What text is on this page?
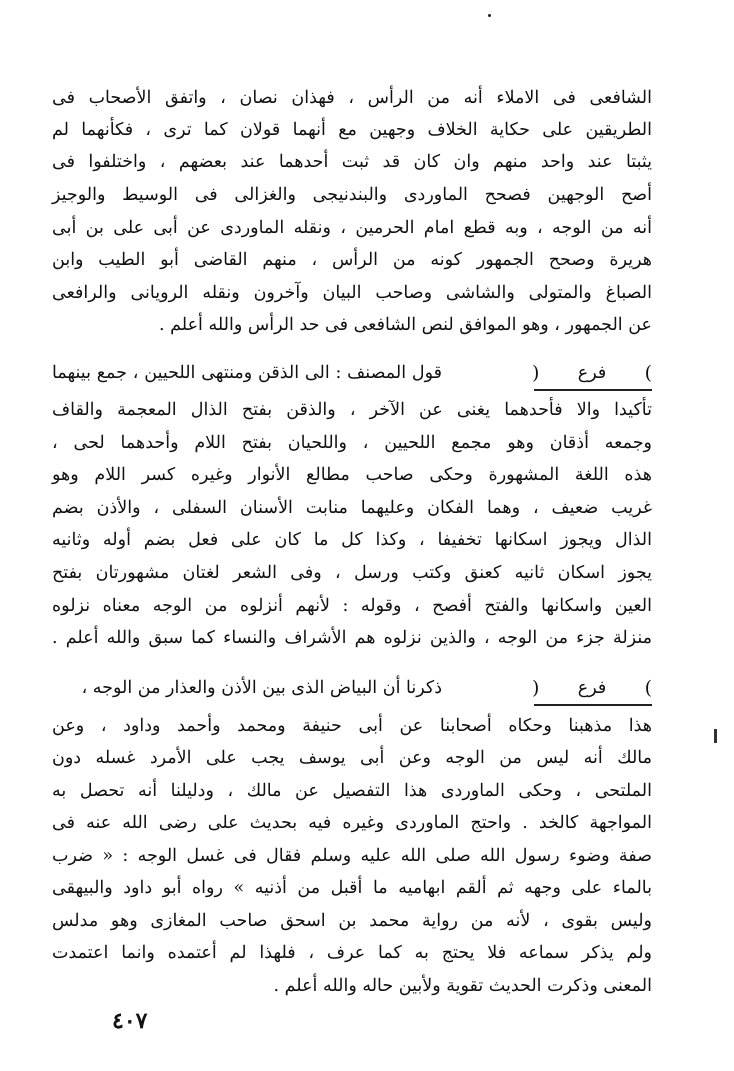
الشافعى فى الاملاء أنه من الرأس ، فهذان نصان ، واتفق الأصحاب فى
الطريقين على حكاية الخلاف وجهين مع أنهما قولان كما ترى ، فكأنهما لم
يثبتا عند واحد منهم وان كان قد ثبت أحدهما عند بعضهم ، واختلفوا فى
أصح الوجهين فصحح الماوردى والبندنيجى والغزالى فى الوسيط والوجيز
أنه من الوجه ، وبه قطع امام الحرمين ، ونقله الماوردى عن أبى على بن أبى
هريرة وصحح الجمهور كونه من الرأس ، منهم القاضى أبو الطيب وابن
الصباغ والمتولى والشاشى وصاحب البيان وآخرون ونقله الرويانى والرافعى
عن الجمهور ، وهو الموافق لنص الشافعى فى حد الرأس والله أعلم .
)
فرع
(
قول المصنف : الى الذقن ومنتهى اللحيين ، جمع بينهما
تأكيدا والا فأحدهما يغنى عن الآخر ، والذقن بفتح الذال المعجمة والقاف
وجمعه أذقان وهو مجمع اللحيين ، واللحيان بفتح اللام وأحدهما لحى ،
هذه اللغة المشهورة وحكى صاحب مطالع الأنوار وغيره كسر اللام وهو
غريب ضعيف ، وهما الفكان وعليهما منابت الأسنان السفلى ، والأذن بضم
الذال ويجوز اسكانها تخفيفا ، وكذا كل ما كان على فعل بضم أوله وثانيه
يجوز اسكان ثانيه كعنق وكتب ورسل ، وفى الشعر لغتان مشهورتان بفتح
العين واسكانها والفتح أفصح ، وقوله : لأنهم أنزلوه من الوجه معناه نزلوه
منزلة جزء من الوجه ، والذين نزلوه هم الأشراف والنساء كما سبق والله أعلم .
)
فرع
(
ذكرنا أن البياض الذى بين الأذن والعذار من الوجه ،
هذا مذهبنا وحكاه أصحابنا عن أبى حنيفة ومحمد وأحمد وداود ، وعن
مالك أنه ليس من الوجه وعن أبى يوسف يجب على الأمرد غسله دون
الملتحى ، وحكى الماوردى هذا التفصيل عن مالك ، ودليلنا أنه تحصل به
المواجهة كالخد . واحتج الماوردى وغيره فيه بحديث على رضى الله عنه فى
صفة وضوء رسول الله صلى الله عليه وسلم فقال فى غسل الوجه : « ضرب
بالماء على وجهه ثم ألقم ابهاميه ما أقبل من أذنيه » رواه أبو داود والبيهقى
وليس بقوى ، لأنه من رواية محمد بن اسحق صاحب المغازى وهو مدلس
ولم يذكر سماعه فلا يحتج به كما عرف ، فلهذا لم أعتمده وانما اعتمدت
المعنى وذكرت الحديث تقوية ولأبين حاله والله أعلم .
٤٠٧
